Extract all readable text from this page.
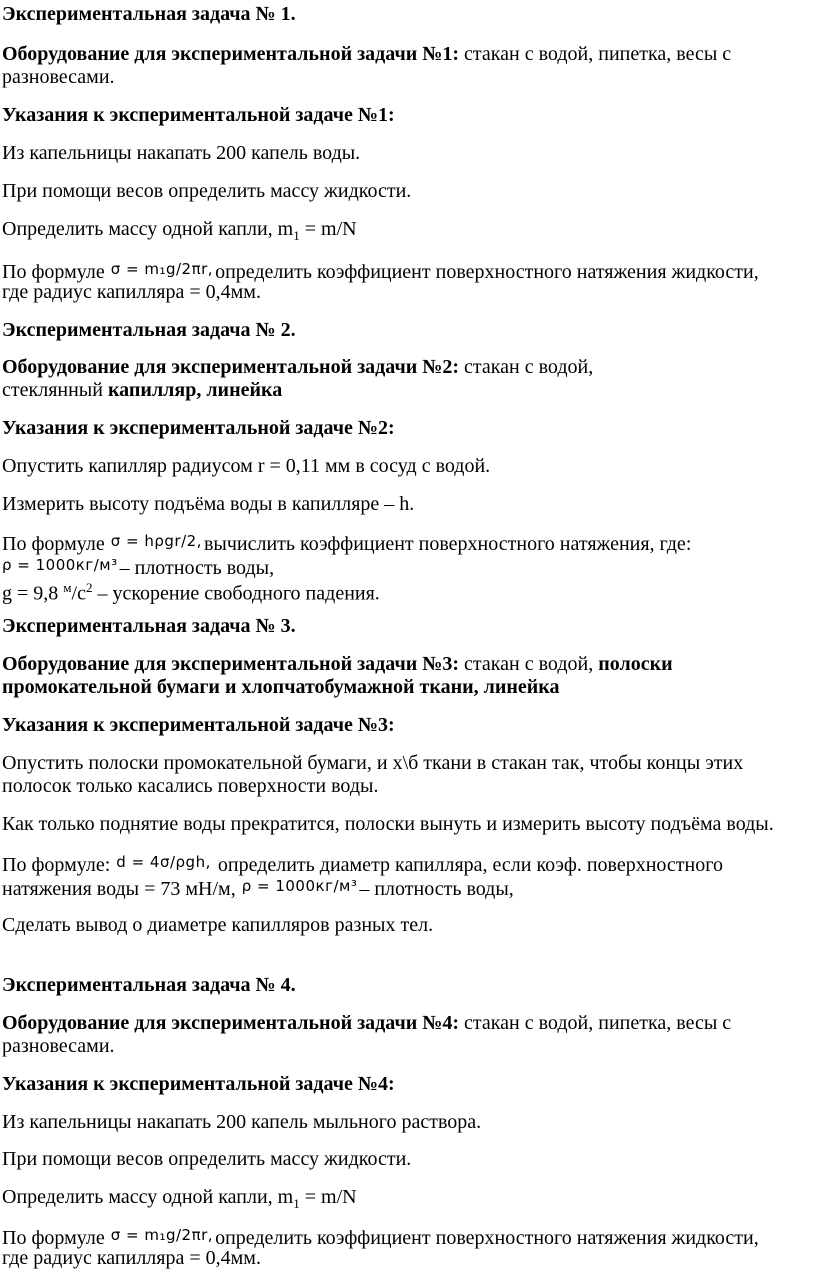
Экспериментальная задача № 1.
Оборудование для экспериментальной задачи №1: стакан с водой, пипетка, весы с
разновесами.
Указания к экспериментальной задаче №1:
Из капельницы накапать 200 капель воды.
При помощи весов определить массу жидкости.
Определить массу одной капли, $m_1 = m/N$
По формуле σ = m₁g/2πr, определить коэффициент поверхностного натяжения жидкости,
где радиус капилляра = 0,4мм.
Экспериментальная задача № 2.
Оборудование для экспериментальной задачи №2: стакан с водой,
стеклянный капилляр, линейка
Указания к экспериментальной задаче №2:
Опустить капилляр радиусом r = 0,11 мм в сосуд с водой.
Измерить высоту подъёма воды в капилляре – h.
По формуле σ = hρgr/2, вычислить коэффициент поверхностного натяжения, где:
ρ = 1000кг/м³ – плотность воды,
g = 9,8 $^м/с^2$ – ускорение свободного падения.
Экспериментальная задача № 3.
Оборудование для экспериментальной задачи №3: стакан с водой, полоски
промокательной бумаги и хлопчатобумажной ткани, линейка
Указания к экспериментальной задаче №3:
Опустить полоски промокательной бумаги, и х\б ткани в стакан так, чтобы концы этих
полосок только касались поверхности воды.
Как только поднятие воды прекратится, полоски вынуть и измерить высоту подъёма воды.
По формуле: d = 4σ/ρgh, определить диаметр капилляра, если коэф. поверхностного
натяжения воды = 73 мН/м, ρ = 1000кг/м³ – плотность воды,
Сделать вывод о диаметре капилляров разных тел.
Экспериментальная задача № 4.
Оборудование для экспериментальной задачи №4: стакан с водой, пипетка, весы с
разновесами.
Указания к экспериментальной задаче №4:
Из капельницы накапать 200 капель мыльного раствора.
При помощи весов определить массу жидкости.
Определить массу одной капли, $m_1 = m/N$
По формуле σ = m₁g/2πr, определить коэффициент поверхностного натяжения жидкости,
где радиус капилляра = 0,4мм.
